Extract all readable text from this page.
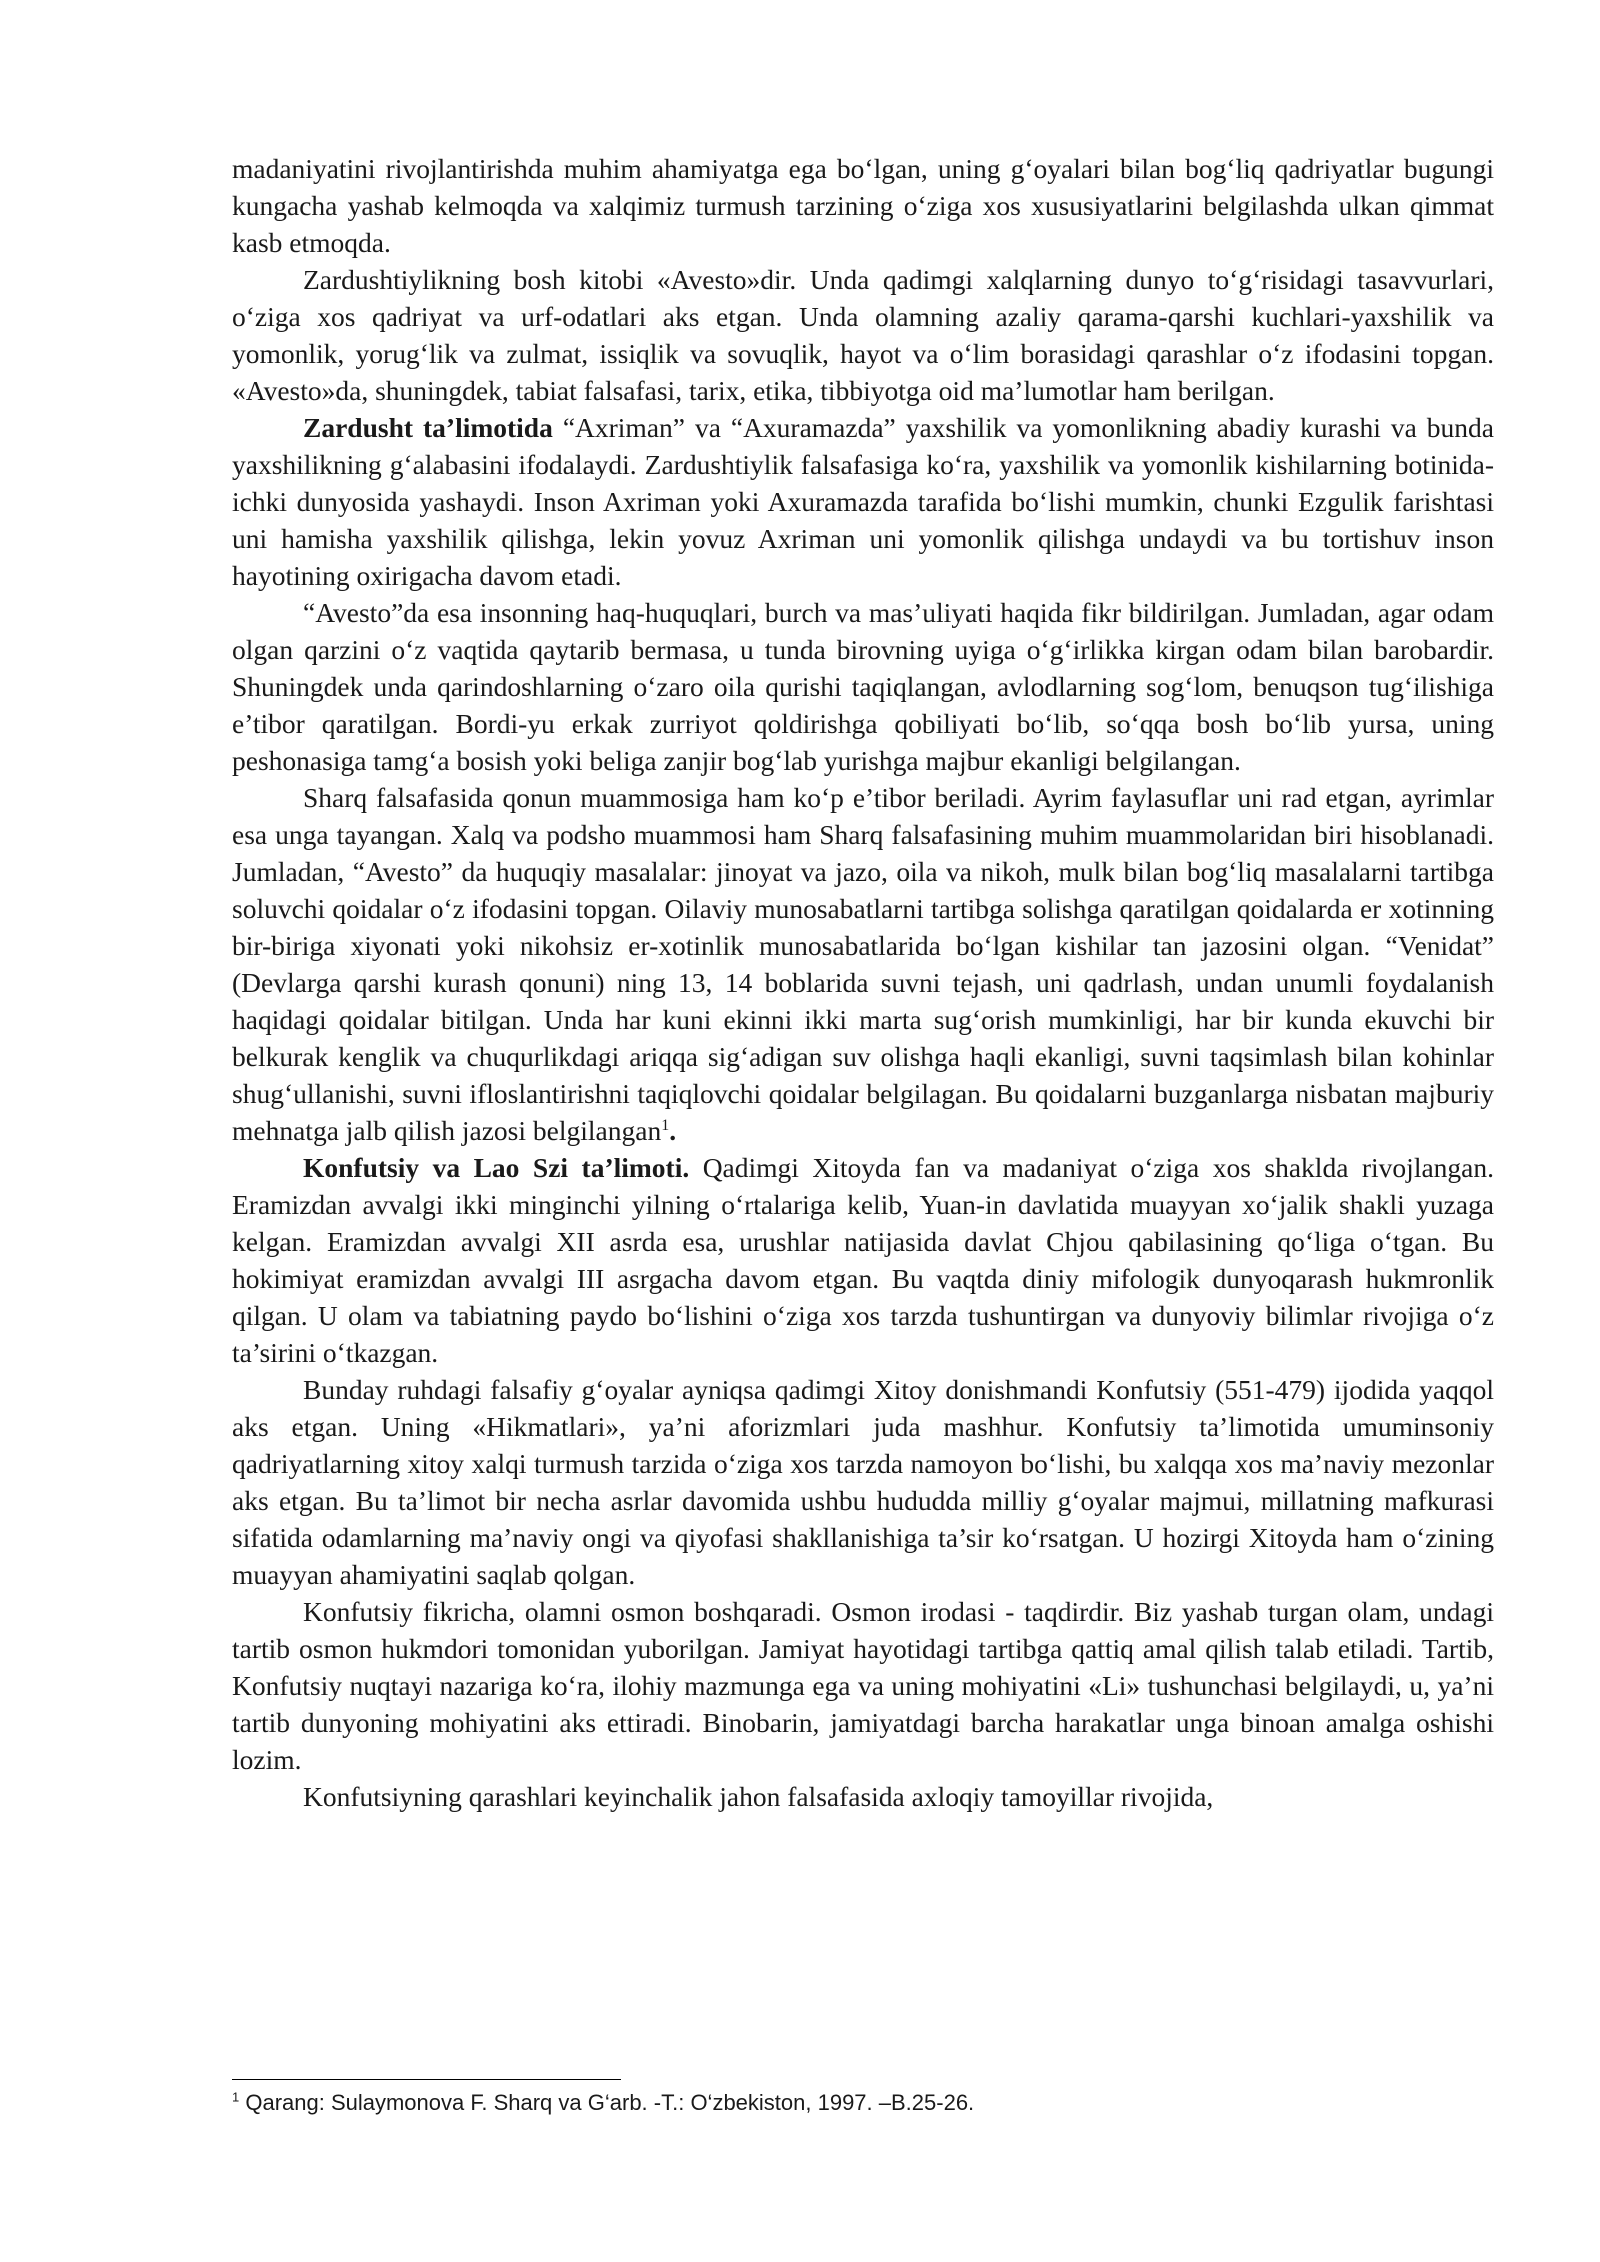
madaniyatini rivojlantirishda muhim ahamiyatga ega bo‘lgan, uning g‘oyalari bilan bog‘liq qadriyatlar bugungi kungacha yashab kelmoqda va xalqimiz turmush tarzining o‘ziga xos xususiyatlarini belgilashda ulkan qimmat kasb etmoqda.

Zardushtiylikning bosh kitobi «Avesto»dir. Unda qadimgi xalqlarning dunyo to‘g‘risidagi tasavvurlari, o‘ziga xos qadriyat va urf-odatlari aks etgan. Unda olamning azaliy qarama-qarshi kuchlari-yaxshilik va yomonlik, yorug‘lik va zulmat, issiqlik va sovuqlik, hayot va o‘lim borasidagi qarashlar o‘z ifodasini topgan. «Avesto»da, shuningdek, tabiat falsafasi, tarix, etika, tibbiyotga oid ma’lumotlar ham berilgan.

Zardusht ta’limotida “Axriman” va “Axuramazda” yaxshilik va yomonlikning abadiy kurashi va bunda yaxshilikning g‘alabasini ifodalaydi. Zardushtiylik falsafasiga ko‘ra, yaxshilik va yomonlik kishilarning botinida-ichki dunyosida yashaydi. Inson Axriman yoki Axuramazda tarafida bo‘lishi mumkin, chunki Ezgulik farishtasi uni hamisha yaxshilik qilishga, lekin yovuz Axriman uni yomonlik qilishga undaydi va bu tortishuv inson hayotining oxirigacha davom etadi.

“Avesto”da esa insonning haq-huquqlari, burch va mas’uliyati haqida fikr bildirilgan. Jumladan, agar odam olgan qarzini o‘z vaqtida qaytarib bermasa, u tunda birovning uyiga o‘g‘irlikka kirgan odam bilan barobardir. Shuningdek unda qarindoshlarning o‘zaro oila qurishi taqiqlangan, avlodlarning sog‘lom, benuqson tug‘ilishiga e’tibor qaratilgan. Bordi-yu erkak zurriyot qoldirishga qobiliyati bo‘lib, so‘qqa bosh bo‘lib yursa, uning peshonasiga tamg‘a bosish yoki beliga zanjir bog‘lab yurishga majbur ekanligi belgilangan.

Sharq falsafasida qonun muammosiga ham ko‘p e’tibor beriladi. Ayrim faylasuflar uni rad etgan, ayrimlar esa unga tayangan. Xalq va podsho muammosi ham Sharq falsafasining muhim muammolaridan biri hisoblanadi. Jumladan, “Avesto” da huquqiy masalalar: jinoyat va jazo, oila va nikoh, mulk bilan bog‘liq masalalarni tartibga soluvchi qoidalar o‘z ifodasini topgan. Oilaviy munosabatlarni tartibga solishga qaratilgan qoidalarda er xotinning bir-biriga xiyonati yoki nikohsiz er-xotinlik munosabatlarida bo‘lgan kishilar tan jazosini olgan. “Venidat” (Devlarga qarshi kurash qonuni) ning 13, 14 boblarida suvni tejash, uni qadrlash, undan unumli foydalanish haqidagi qoidalar bitilgan. Unda har kuni ekinni ikki marta sug‘orish mumkinligi, har bir kunda ekuvchi bir belkurak kenglik va chuqurlikdagi ariqqa sig‘adigan suv olishga haqli ekanligi, suvni taqsimlash bilan kohinlar shug‘ullanishi, suvni ifloslantirishni taqiqlovchi qoidalar belgilagan. Bu qoidalarni buzganlarga nisbatan majburiy mehnatga jalb qilish jazosi belgilangan$^1$.

Konfutsiy va Lao Szi ta’limoti. Qadimgi Xitoyda fan va madaniyat o‘ziga xos shaklda rivojlangan. Eramizdan avvalgi ikki minginchi yilning o‘rtalariga kelib, Yuan-in davlatida muayyan xo‘jalik shakli yuzaga kelgan. Eramizdan avvalgi XII asrda esa, urushlar natijasida davlat Chjou qabilasining qo‘liga o‘tgan. Bu hokimiyat eramizdan avvalgi III asrgacha davom etgan. Bu vaqtda diniy mifologik dunyoqarash hukmronlik qilgan. U olam va tabiatning paydo bo‘lishini o‘ziga xos tarzda tushuntirgan va dunyoviy bilimlar rivojiga o‘z ta’sirini o‘tkazgan.

Bunday ruhdagi falsafiy g‘oyalar ayniqsa qadimgi Xitoy donishmandi Konfutsiy (551-479) ijodida yaqqol aks etgan. Uning «Hikmatlari», ya’ni aforizmlari juda mashhur. Konfutsiy ta’limotida umuminsoniy qadriyatlarning xitoy xalqi turmush tarzida o‘ziga xos tarzda namoyon bo‘lishi, bu xalqqa xos ma’naviy mezonlar aks etgan. Bu ta’limot bir necha asrlar davomida ushbu hududda milliy g‘oyalar majmui, millatning mafkurasi sifatida odamlarning ma’naviy ongi va qiyofasi shakllanishiga ta’sir ko‘rsatgan. U hozirgi Xitoyda ham o‘zining muayyan ahamiyatini saqlab qolgan.

Konfutsiy fikricha, olamni osmon boshqaradi. Osmon irodasi - taqdirdir. Biz yashab turgan olam, undagi tartib osmon hukmdori tomonidan yuborilgan. Jamiyat hayotidagi tartibga qattiq amal qilish talab etiladi. Tartib, Konfutsiy nuqtayi nazariga ko‘ra, ilohiy mazmunga ega va uning mohiyatini «Li» tushunchasi belgilaydi, u, ya’ni tartib dunyoning mohiyatini aks ettiradi. Binobarin, jamiyatdagi barcha harakatlar unga binoan amalga oshishi lozim.

Konfutsiyning qarashlari keyinchalik jahon falsafasida axloqiy tamoyillar rivojida,

$^1$ Qarang: Sulaymonova F. Sharq va G‘arb. -T.: O‘zbekiston, 1997. –B.25-26.
